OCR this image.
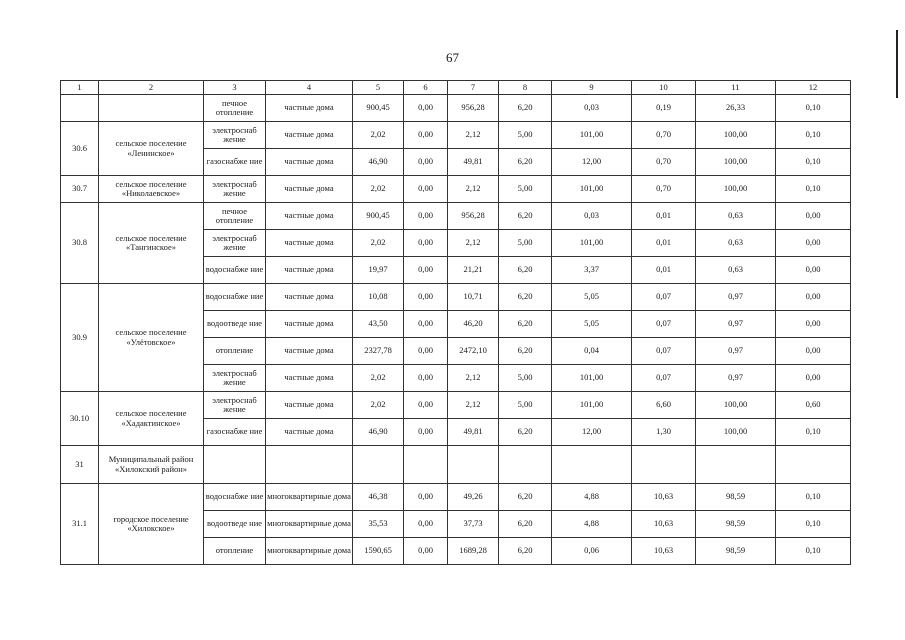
67
1	2	3	4	5	6	7	8	9	10	11	12
		печное отопление	частные дома	900,45	0,00	956,28	6,20	0,03	0,19	26,33	0,10
30.6	сельское поселение «Ленинское»	электроснаб жение	частные дома	2,02	0,00	2,12	5,00	101,00	0,70	100,00	0,10
		газоснабже ние	частные дома	46,90	0,00	49,81	6,20	12,00	0,70	100,00	0,10
30.7	сельское поселение «Николаевское»	электроснаб жение	частные дома	2,02	0,00	2,12	5,00	101,00	0,70	100,00	0,10
30.8	сельское поселение «Тангинское»	печное отопление	частные дома	900,45	0,00	956,28	6,20	0,03	0,01	0,63	0,00
		электроснаб жение	частные дома	2,02	0,00	2,12	5,00	101,00	0,01	0,63	0,00
		водоснабже ние	частные дома	19,97	0,00	21,21	6,20	3,37	0,01	0,63	0,00
30.9	сельское поселение «Улётовское»	водоснабже ние	частные дома	10,08	0,00	10,71	6,20	5,05	0,07	0,97	0,00
		водоотведе ние	частные дома	43,50	0,00	46,20	6,20	5,05	0,07	0,97	0,00
		отопление	частные дома	2327,78	0,00	2472,10	6,20	0,04	0,07	0,97	0,00
		электроснаб жение	частные дома	2,02	0,00	2,12	5,00	101,00	0,07	0,97	0,00
30.10	сельское поселение «Хадактинское»	электроснаб жение	частные дома	2,02	0,00	2,12	5,00	101,00	6,60	100,00	0,60
		газоснабже ние	частные дома	46,90	0,00	49,81	6,20	12,00	1,30	100,00	0,10
31	Муниципальный район «Хилокский район»										
31.1	городское поселение «Хилокское»	водоснабже ние	многоквартирные дома	46,38	0,00	49,26	6,20	4,88	10,63	98,59	0,10
		водоотведе ние	многоквартирные дома	35,53	0,00	37,73	6,20	4,88	10,63	98,59	0,10
		отопление	многоквартирные дома	1590,65	0,00	1689,28	6,20	0,06	10,63	98,59	0,10
